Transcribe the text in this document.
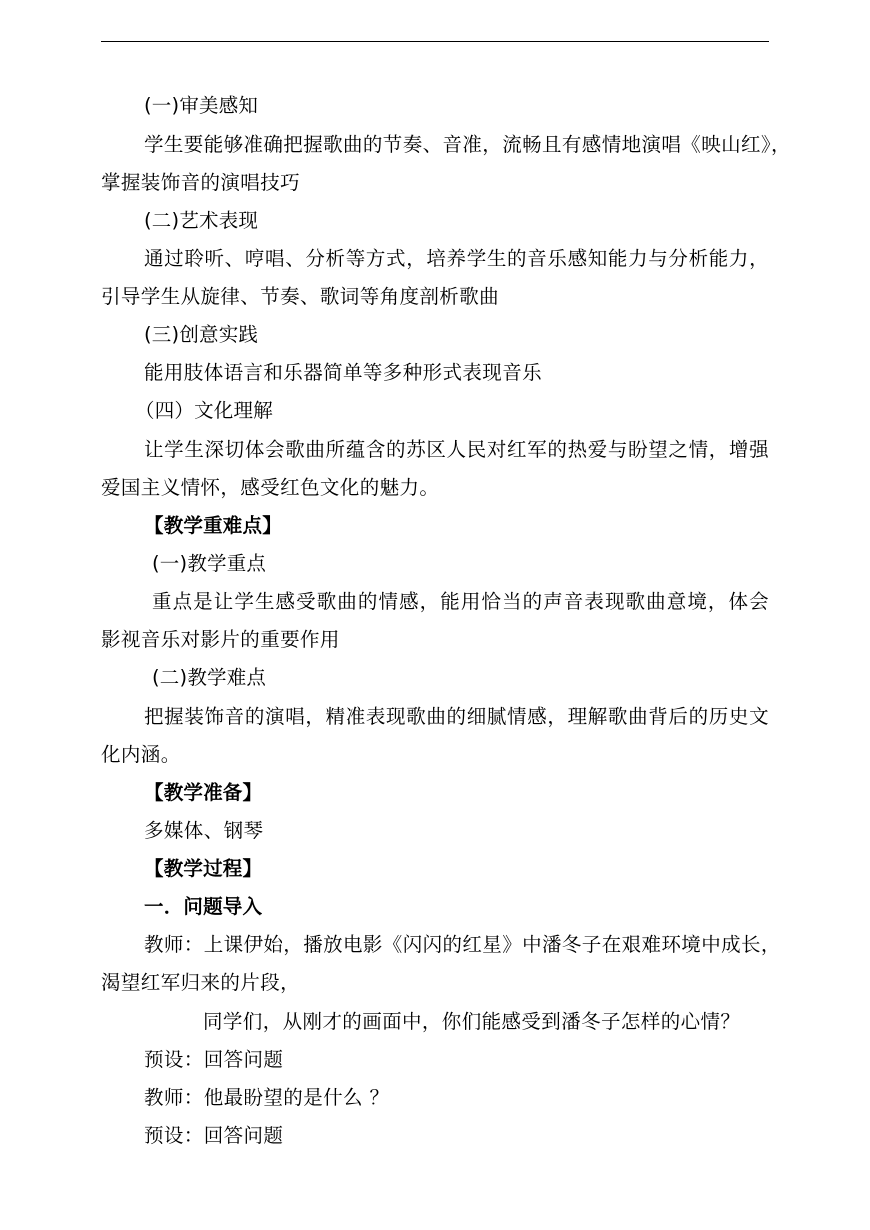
(一)审美感知
学生要能够准确把握歌曲的节奏、音准，流畅且有感情地演唱《映山红》，
掌握装饰音的演唱技巧
(二)艺术表现
通过聆听、哼唱、分析等方式，培养学生的音乐感知能力与分析能力，
引导学生从旋律、节奏、歌词等角度剖析歌曲
(三)创意实践
能用肢体语言和乐器简单等多种形式表现音乐
（四）文化理解
让学生深切体会歌曲所蕴含的苏区人民对红军的热爱与盼望之情，增强
爱国主义情怀，感受红色文化的魅力。
【教学重难点】
(一)教学重点
重点是让学生感受歌曲的情感，能用恰当的声音表现歌曲意境，体会
影视音乐对影片的重要作用
(二)教学难点
把握装饰音的演唱，精准表现歌曲的细腻情感，理解歌曲背后的历史文
化内涵。
【教学准备】
多媒体、钢琴
【教学过程】
一．问题导入
教师：上课伊始，播放电影《闪闪的红星》中潘冬子在艰难环境中成长，
渴望红军归来的片段，
同学们，从刚才的画面中，你们能感受到潘冬子怎样的心情？
预设：回答问题
教师：他最盼望的是什么 ？
预设：回答问题
